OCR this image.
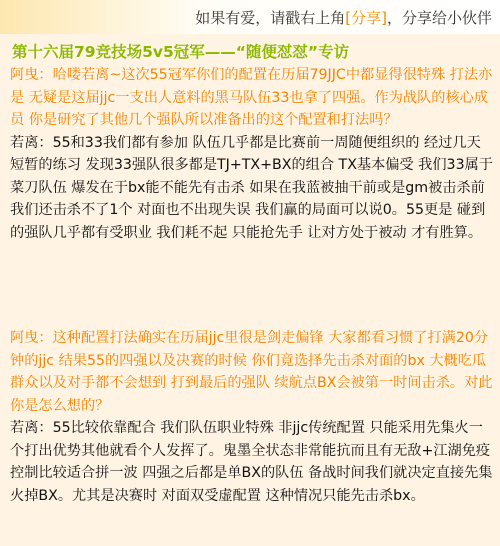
如果有爱，请戳右上角[分享]，分享给小伙伴
第十六届79竞技场5v5冠军——“随便怼怼”专访
阿曳：哈喽若离~这次55冠军你们的配置在历届79JJC中都显得很特殊 打法亦是 无疑是这届jjc一支出人意料的黑马队伍33也拿了四强。作为战队的核心成员 你是研究了其他几个强队所以准备出的这个配置和打法吗？
若离：55和33我们都有参加 队伍几乎都是比赛前一周随便组织的 经过几天短暂的练习 发现33强队很多都是TJ+TX+BX的组合 TX基本偏受 我们33属于菜刀队伍 爆发在于bx能不能先有击杀 如果在我蓝被抽干前或是gm被击杀前 我们还击杀不了1个 对面也不出现失误 我们赢的局面可以说0。55更是 碰到的强队几乎都有受职业 我们耗不起 只能抢先手 让对方处于被动 才有胜算。
阿曳：这种配置打法确实在历届jjc里很是剑走偏锋 大家都看习惯了打满20分钟的jjc 结果55的四强以及决赛的时候 你们竟选择先击杀对面的bx 大概吃瓜群众以及对手都不会想到 打到最后的强队 续航点BX会被第一时间击杀。对此 你是怎么想的？
若离：55比较依靠配合 我们队伍职业特殊 非jjc传统配置 只能采用先集火一个打出优势其他就看个人发挥了。鬼墨全状态非常能抗而且有无敌+江湖免疫控制比较适合拼一波 四强之后都是单BX的队伍 备战时间我们就决定直接先集火掉BX。尤其是决赛时 对面双受虚配置 这种情况只能先击杀bx。
